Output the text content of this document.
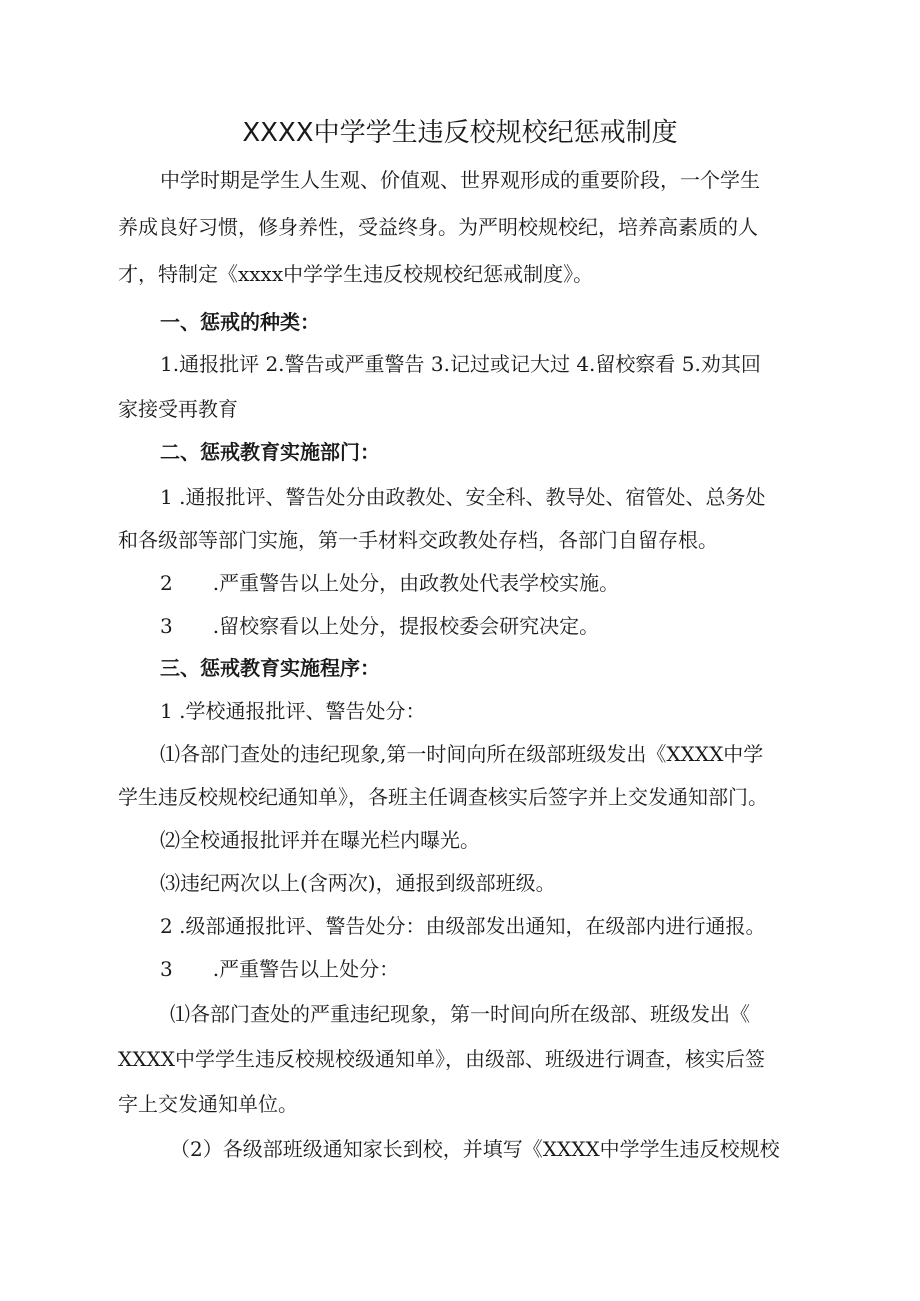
XXXX中学学生违反校规校纪惩戒制度
中学时期是学生人生观、价值观、世界观形成的重要阶段，一个学生
养成良好习惯，修身养性，受益终身。为严明校规校纪，培养高素质的人
才，特制定《xxxx中学学生违反校规校纪惩戒制度》。
一、惩戒的种类：
1.通报批评 2.警告或严重警告 3.记过或记大过 4.留校察看 5.劝其回
家接受再教育
二、惩戒教育实施部门：
1 .通报批评、警告处分由政教处、安全科、教导处、宿管处、总务处
和各级部等部门实施，第一手材料交政教处存档，各部门自留存根。
2　　.严重警告以上处分，由政教处代表学校实施。
3　　.留校察看以上处分，提报校委会研究决定。
三、惩戒教育实施程序：
1 .学校通报批评、警告处分：
⑴各部门查处的违纪现象,第一时间向所在级部班级发出《XXXX中学
学生违反校规校纪通知单》，各班主任调查核实后签字并上交发通知部门。
⑵全校通报批评并在曝光栏内曝光。
⑶违纪两次以上(含两次)，通报到级部班级。
2 .级部通报批评、警告处分：由级部发出通知，在级部内进行通报。
3　　.严重警告以上处分：
⑴各部门查处的严重违纪现象，第一时间向所在级部、班级发出《
XXXX中学学生违反校规校级通知单》，由级部、班级进行调查，核实后签
字上交发通知单位。
（2）各级部班级通知家长到校，并填写《XXXX中学学生违反校规校
